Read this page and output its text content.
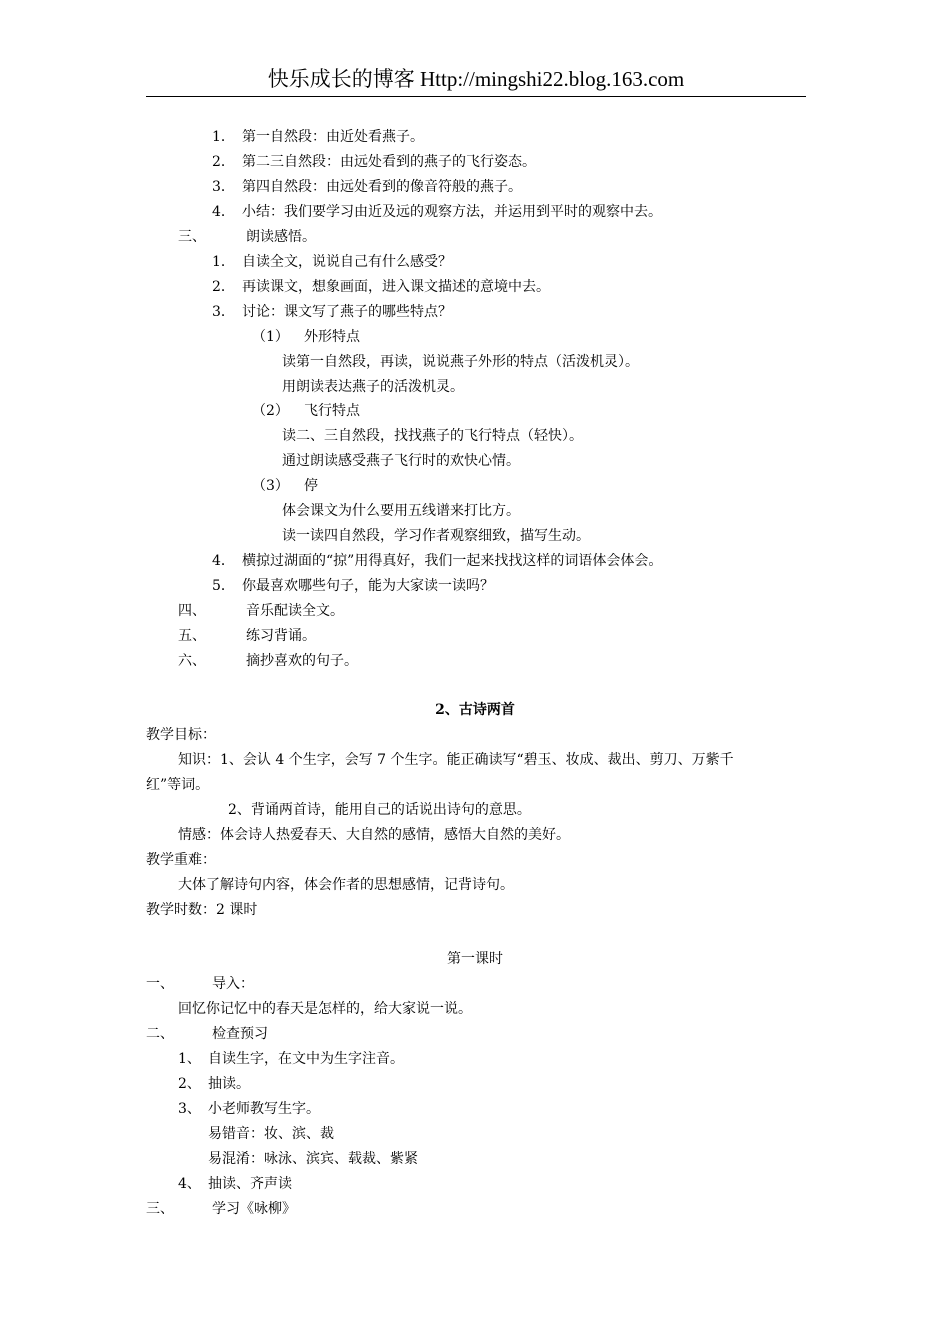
快乐成长的博客 Http://mingshi22.blog.163.com
1． 第一自然段：由近处看燕子。
2． 第二三自然段：由远处看到的燕子的飞行姿态。
3． 第四自然段：由远处看到的像音符般的燕子。
4． 小结：我们要学习由近及远的观察方法，并运用到平时的观察中去。
三、	朗读感悟。
1． 自读全文，说说自己有什么感受？
2． 再读课文，想象画面，进入课文描述的意境中去。
3． 讨论：课文写了燕子的哪些特点？
（1） 外形特点
读第一自然段，再读，说说燕子外形的特点（活泼机灵）。
用朗读表达燕子的活泼机灵。
（2） 飞行特点
读二、三自然段，找找燕子的飞行特点（轻快）。
通过朗读感受燕子飞行时的欢快心情。
（3） 停
体会课文为什么要用五线谱来打比方。
读一读四自然段，学习作者观察细致，描写生动。
4． 横掠过湖面的“掠”用得真好，我们一起来找找这样的词语体会体会。
5． 你最喜欢哪些句子，能为大家读一读吗？
四、	音乐配读全文。
五、	练习背诵。
六、	摘抄喜欢的句子。
2、古诗两首
教学目标：
知识：1、会认 4 个生字，会写 7 个生字。能正确读写“碧玉、妆成、裁出、剪刀、万紫千
红”等词。
2、背诵两首诗，能用自己的话说出诗句的意思。
情感：体会诗人热爱春天、大自然的感情，感悟大自然的美好。
教学重难：
大体了解诗句内容，体会作者的思想感情，记背诗句。
教学时数：2 课时
第一课时
一、	导入：
回忆你记忆中的春天是怎样的，给大家说一说。
二、	检查预习
1、 自读生字，在文中为生字注音。
2、 抽读。
3、 小老师教写生字。
易错音：妆、滨、裁
易混淆：咏泳、滨宾、载裁、紫紧
4、 抽读、齐声读
三、	学习《咏柳》
